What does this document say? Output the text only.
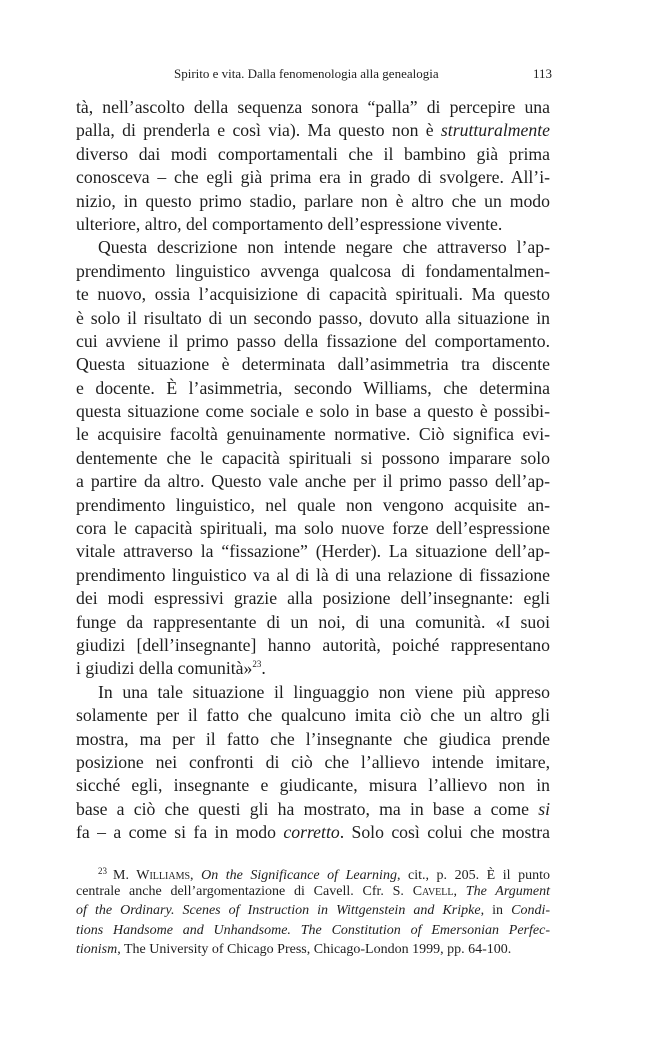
Spirito e vita. Dalla fenomenologia alla genealogia	113
tà, nell’ascolto della sequenza sonora “palla” di percepire una
palla, di prenderla e così via). Ma questo non è strutturalmente
diverso dai modi comportamentali che il bambino già prima
conosceva – che egli già prima era in grado di svolgere. All’i-
nizio, in questo primo stadio, parlare non è altro che un modo
ulteriore, altro, del comportamento dell’espressione vivente.
Questa descrizione non intende negare che attraverso l’ap-
prendimento linguistico avvenga qualcosa di fondamentalmen-
te nuovo, ossia l’acquisizione di capacità spirituali. Ma questo
è solo il risultato di un secondo passo, dovuto alla situazione in
cui avviene il primo passo della fissazione del comportamento.
Questa situazione è determinata dall’asimmetria tra discente
e docente. È l’asimmetria, secondo Williams, che determina
questa situazione come sociale e solo in base a questo è possibi-
le acquisire facoltà genuinamente normative. Ciò significa evi-
dentemente che le capacità spirituali si possono imparare solo
a partire da altro. Questo vale anche per il primo passo dell’ap-
prendimento linguistico, nel quale non vengono acquisite an-
cora le capacità spirituali, ma solo nuove forze dell’espressione
vitale attraverso la “fissazione” (Herder). La situazione dell’ap-
prendimento linguistico va al di là di una relazione di fissazione
dei modi espressivi grazie alla posizione dell’insegnante: egli
funge da rappresentante di un noi, di una comunità. «I suoi
giudizi [dell’insegnante] hanno autorità, poiché rappresentano
i giudizi della comunità»$^{23}$.
In una tale situazione il linguaggio non viene più appreso
solamente per il fatto che qualcuno imita ciò che un altro gli
mostra, ma per il fatto che l’insegnante che giudica prende
posizione nei confronti di ciò che l’allievo intende imitare,
sicché egli, insegnante e giudicante, misura l’allievo non in
base a ciò che questi gli ha mostrato, ma in base a come si
fa – a come si fa in modo corretto. Solo così colui che mostra
$^{23}$ M. Williams, On the Significance of Learning, cit., p. 205. È il punto
centrale anche dell’argomentazione di Cavell. Cfr. S. Cavell, The Argument
of the Ordinary. Scenes of Instruction in Wittgenstein and Kripke, in Condi-
tions Handsome and Unhandsome. The Constitution of Emersonian Perfec-
tionism, The University of Chicago Press, Chicago-London 1999, pp. 64-100.
